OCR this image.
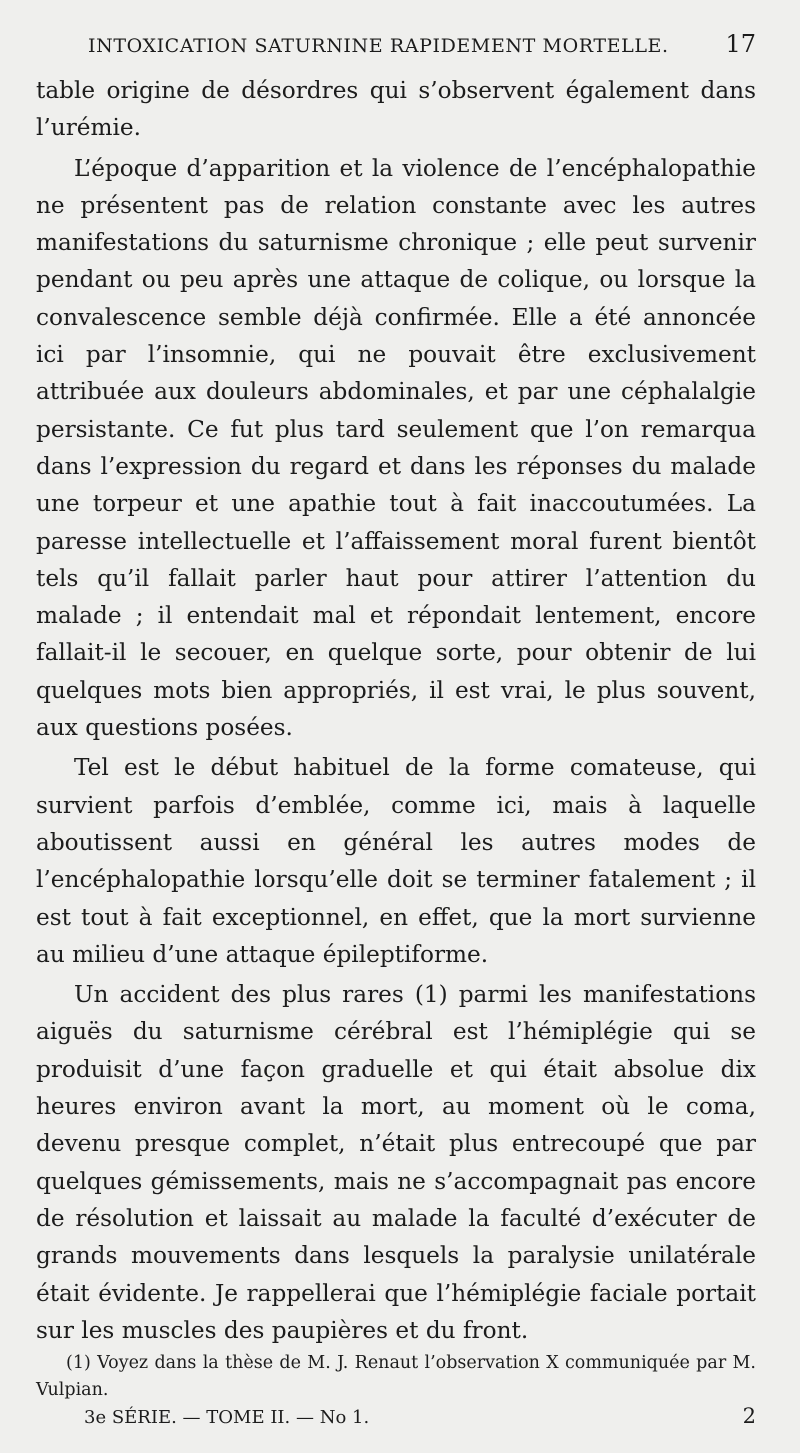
INTOXICATION SATURNINE RAPIDEMENT MORTELLE. 17

table origine de désordres qui s’observent également dans l’urémie.

L’époque d’apparition et la violence de l’encéphalopathie ne présentent pas de relation constante avec les autres manifestations du saturnisme chronique ; elle peut survenir pendant ou peu après une attaque de colique, ou lorsque la convalescence semble déjà confirmée. Elle a été annoncée ici par l’insomnie, qui ne pouvait être exclusivement attribuée aux douleurs abdominales, et par une céphalalgie persistante. Ce fut plus tard seulement que l’on remarqua dans l’expression du regard et dans les réponses du malade une torpeur et une apathie tout à fait inaccoutumées. La paresse intellectuelle et l’affaissement moral furent bientôt tels qu’il fallait parler haut pour attirer l’attention du malade ; il entendait mal et répondait lentement, encore fallait-il le secouer, en quelque sorte, pour obtenir de lui quelques mots bien appropriés, il est vrai, le plus souvent, aux questions posées.

Tel est le début habituel de la forme comateuse, qui survient parfois d’emblée, comme ici, mais à laquelle aboutissent aussi en général les autres modes de l’encéphalopathie lorsqu’elle doit se terminer fatalement ; il est tout à fait exceptionnel, en effet, que la mort survienne au milieu d’une attaque épileptiforme.

Un accident des plus rares (1) parmi les manifestations aiguës du saturnisme cérébral est l’hémiplégie qui se produisit d’une façon graduelle et qui était absolue dix heures environ avant la mort, au moment où le coma, devenu presque complet, n’était plus entrecoupé que par quelques gémissements, mais ne s’accompagnait pas encore de résolution et laissait au malade la faculté d’exécuter de grands mouvements dans lesquels la paralysie unilatérale était évidente. Je rappellerai que l’hémiplégie faciale portait sur les muscles des paupières et du front.

(1) Voyez dans la thèse de M. J. Renaut l’observation X communiquée par M. Vulpian.
3e SÉRIE. — TOME II. — No 1.	2
